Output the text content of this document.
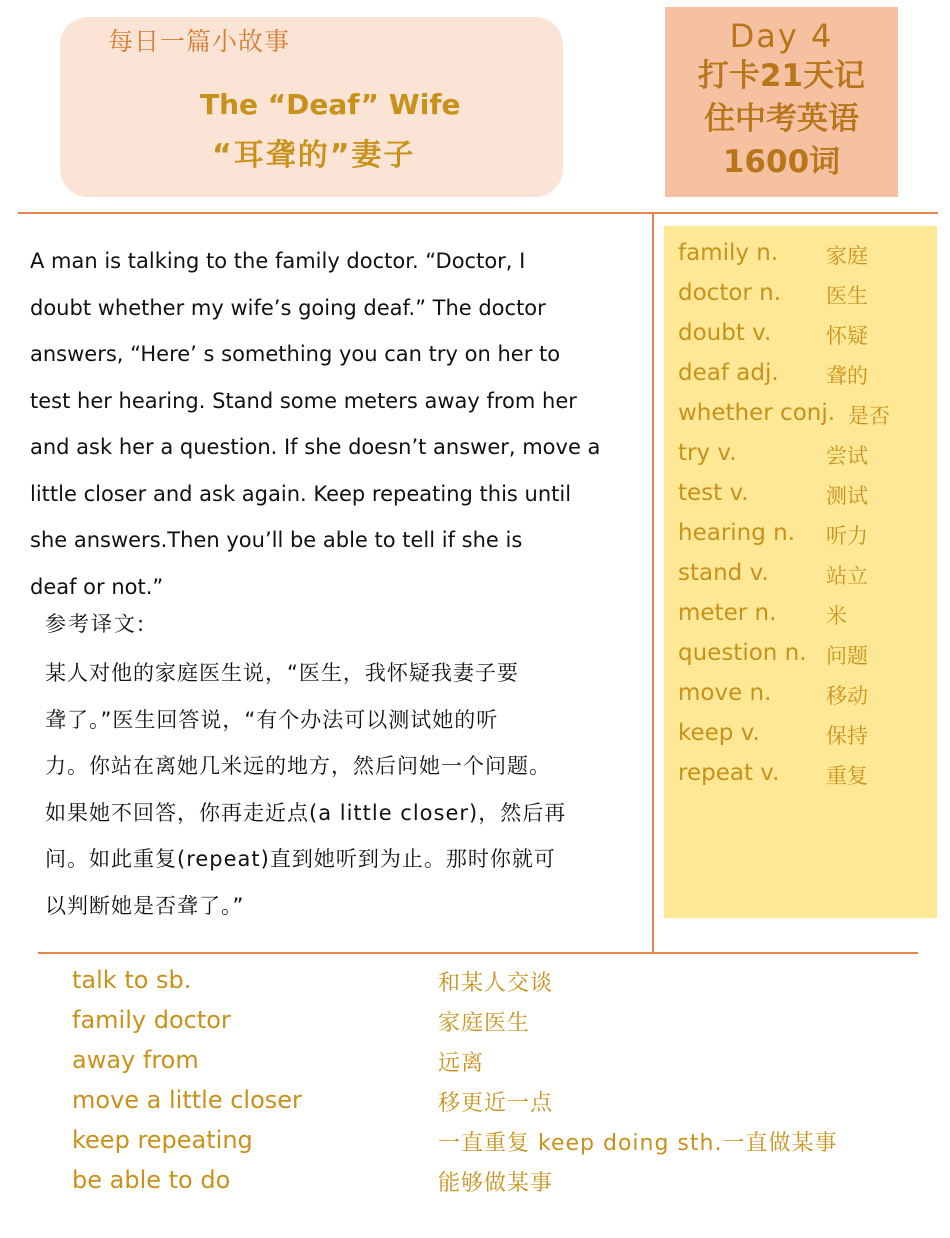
每日一篇小故事
The “Deaf” Wife
“耳聋的”妻子
Day 4
打卡21天记
住中考英语
1600词

A man is talking to the family doctor. “Doctor, I

doubt whether my wife’s going deaf.” The doctor

answers, “Here’ s something you can try on her to

test her hearing. Stand some meters away from her

and ask her a question. If she doesn’t answer, move a

little closer and ask again. Keep repeating this until

she answers.Then you’ll be able to tell if she is

deaf or not.”

参考译文:

某人对他的家庭医生说，“医生，我怀疑我妻子要

聋了。”医生回答说，“有个办法可以测试她的听

力。你站在离她几米远的地方，然后问她一个问题。

如果她不回答，你再走近点(a little closer)，然后再

问。如此重复(repeat)直到她听到为止。那时你就可

以判断她是否聋了。”

family n. 家庭
doctor n. 医生
doubt v.	怀疑
deaf adj. 聋的
whether conj. 是否
try v.	尝试
test v.	测试
hearing n. 听力
stand v.	站立
meter n. 米
question n. 问题
move n.	移动
keep v.	保持
repeat v. 重复
talk to sb.	和某人交谈
family doctor	家庭医生
away from	远离
move a little closer	移更近一点
keep repeating	一直重复 keep doing sth.一直做某事
be able to do	能够做某事
